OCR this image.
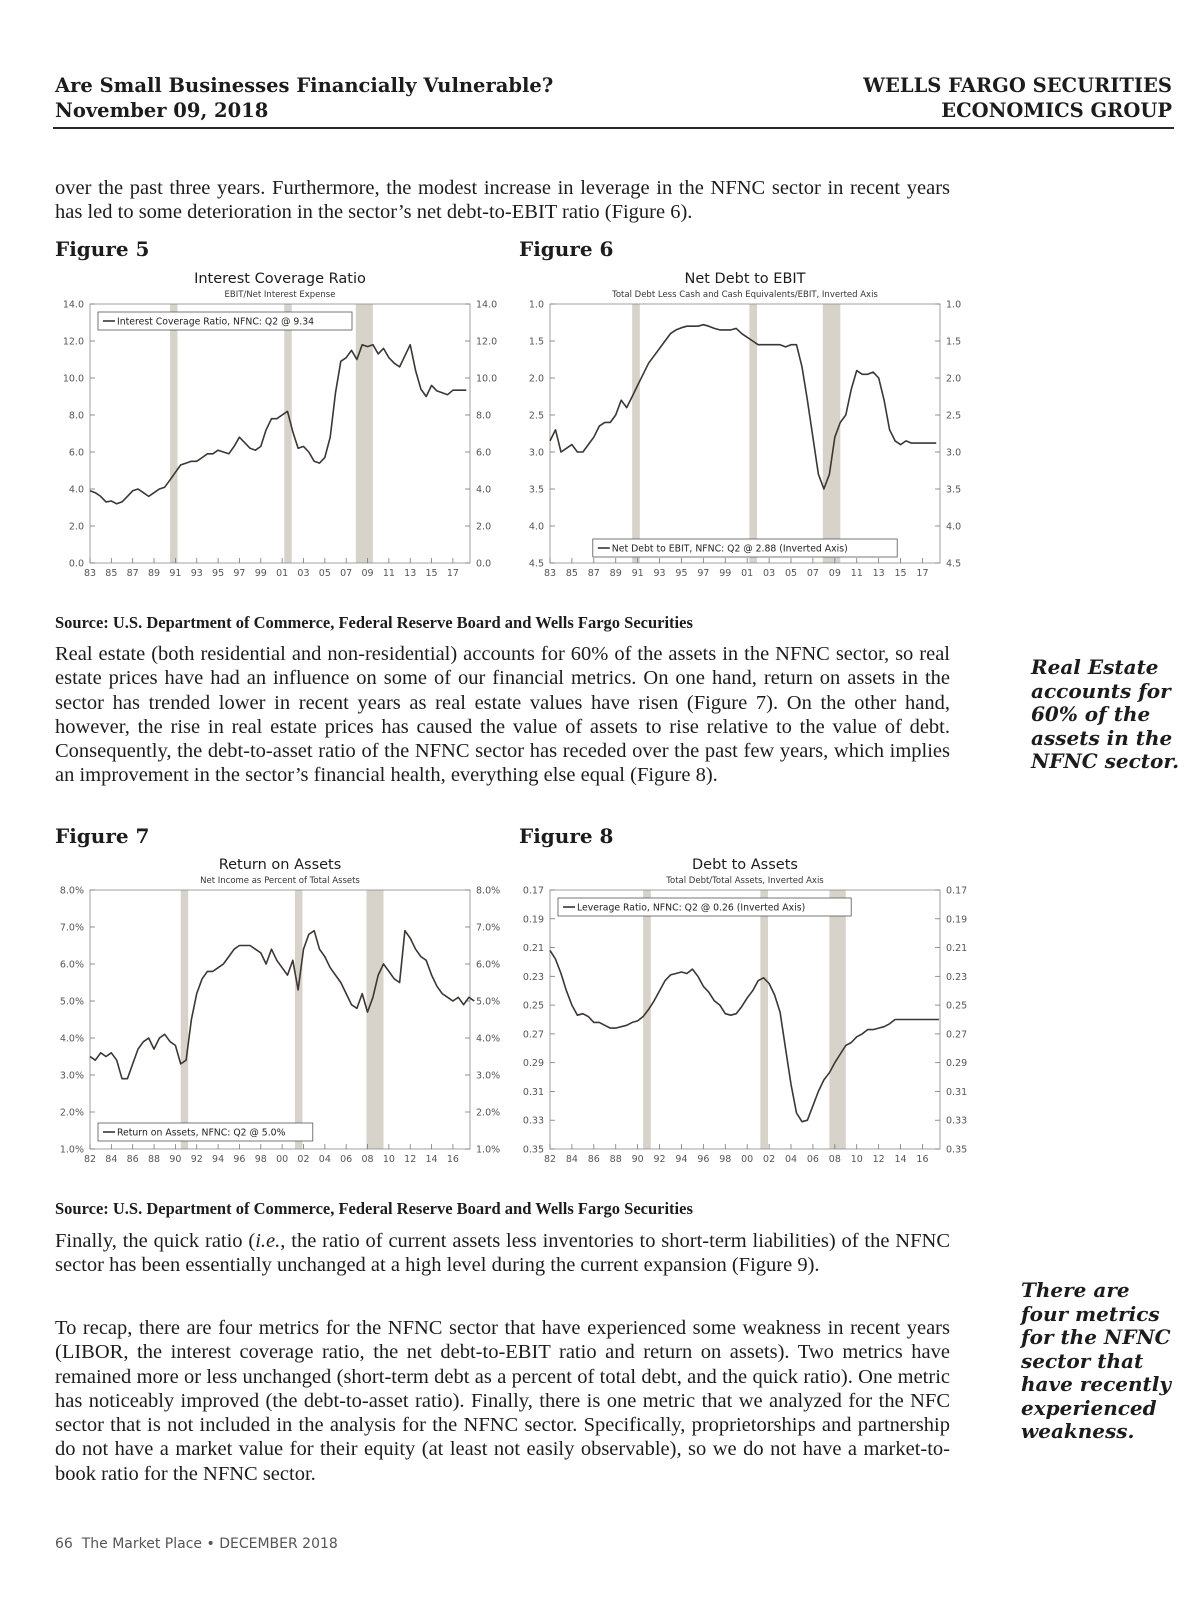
Are Small Businesses Financially Vulnerable?
November 09, 2018
WELLS FARGO SECURITIES
ECONOMICS GROUP
over the past three years. Furthermore, the modest increase in leverage in the NFNC sector in recent years has led to some deterioration in the sector’s net debt-to-EBIT ratio (Figure 6).
Figure 5	Figure 6
Interest Coverage Ratio
EBIT/Net Interest Expense
0.0	0.0
2.0	2.0
4.0	4.0
6.0	6.0
8.0	8.0
10.0	10.0
12.0	12.0
14.0	14.0
83 85 87 89 91 93 95 97 99 01 03 05 07 09 11 13 15 17
Interest Coverage Ratio, NFNC: Q2 @ 9.34
Net Debt to EBIT
Total Debt Less Cash and Cash Equivalents/EBIT, Inverted Axis
1.0	1.0
1.5	1.5
2.0	2.0
2.5	2.5
3.0	3.0
3.5	3.5
4.0	4.0
4.5	4.5
83 85 87 89 91 93 95 97 99 01 03 05 07 09 11 13 15 17
Net Debt to EBIT, NFNC: Q2 @ 2.88 (Inverted Axis)
Source: U.S. Department of Commerce, Federal Reserve Board and Wells Fargo Securities
Real estate (both residential and non-residential) accounts for 60% of the assets in the NFNC sector, so real estate prices have had an influence on some of our financial metrics. On one hand, return on assets in the sector has trended lower in recent years as real estate values have risen (Figure 7). On the other hand, however, the rise in real estate prices has caused the value of assets to rise relative to the value of debt. Consequently, the debt-to-asset ratio of the NFNC sector has receded over the past few years, which implies an improvement in the sector’s financial health, everything else equal (Figure 8).
Real Estate
accounts for
60% of the
assets in the
NFNC sector.
Figure 7	Figure 8
Return on Assets
Net Income as Percent of Total Assets
1.0%	1.0%
2.0%	2.0%
3.0%	3.0%
4.0%	4.0%
5.0%	5.0%
6.0%	6.0%
7.0%	7.0%
8.0%	8.0%
82 84 86 88 90 92 94 96 98 00 02 04 06 08 10 12 14 16
Return on Assets, NFNC: Q2 @ 5.0%
Debt to Assets
Total Debt/Total Assets, Inverted Axis
0.17	0.17
0.19	0.19
0.21	0.21
0.23	0.23
0.25	0.25
0.27	0.27
0.29	0.29
0.31	0.31
0.33	0.33
0.35	0.35
82 84 86 88 90 92 94 96 98 00 02 04 06 08 10 12 14 16
Leverage Ratio, NFNC: Q2 @ 0.26 (Inverted Axis)
Source: U.S. Department of Commerce, Federal Reserve Board and Wells Fargo Securities
Finally, the quick ratio (i.e., the ratio of current assets less inventories to short-term liabilities) of the NFNC sector has been essentially unchanged at a high level during the current expansion (Figure 9).
To recap, there are four metrics for the NFNC sector that have experienced some weakness in recent years (LIBOR, the interest coverage ratio, the net debt-to-EBIT ratio and return on assets). Two metrics have remained more or less unchanged (short-term debt as a percent of total debt, and the quick ratio). One metric has noticeably improved (the debt-to-asset ratio). Finally, there is one metric that we analyzed for the NFC sector that is not included in the analysis for the NFNC sector. Specifically, proprietorships and partnership do not have a market value for their equity (at least not easily observable), so we do not have a market-to-book ratio for the NFNC sector.
There are
four metrics
for the NFNC
sector that
have recently
experienced
weakness.
66 The Market Place • DECEMBER 2018
